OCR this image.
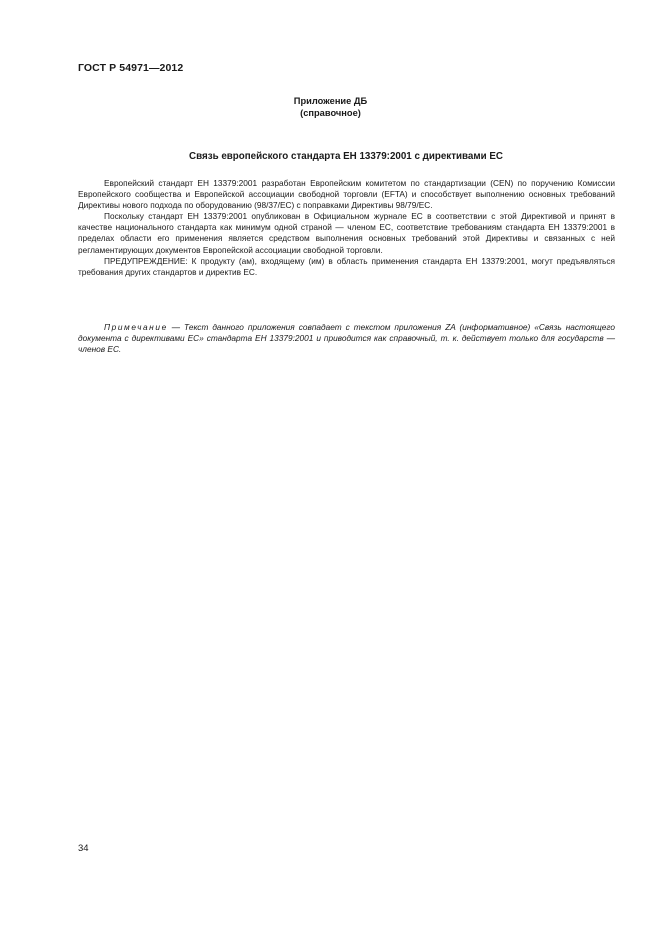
ГОСТ Р 54971—2012
Приложение ДБ
(справочное)
Связь европейского стандарта ЕН 13379:2001 с директивами ЕС

Европейский стандарт ЕН 13379:2001 разработан Европейским комитетом по стандартизации (CEN) по поручению Комиссии Европейского сообщества и Европейской ассоциации свободной торговли (EFTA) и способствует выполнению основных требований Директивы нового подхода по оборудованию (98/37/EC) с поправками Директивы 98/79/EC.

Поскольку стандарт ЕН 13379:2001 опубликован в Официальном журнале ЕС в соответствии с этой Директивой и принят в качестве национального стандарта как минимум одной страной — членом ЕС, соответствие требованиям стандарта ЕН 13379:2001 в пределах области его применения является средством выполнения основных требований этой Директивы и связанных с ней регламентирующих документов Европейской ассоциации свободной торговли.

ПРЕДУПРЕЖДЕНИЕ: К продукту (ам), входящему (им) в область применения стандарта ЕН 13379:2001, могут предъявляться требования других стандартов и директив ЕС.

Примечание — Текст данного приложения совпадает с текстом приложения ZA (информативное) «Связь настоящего документа с директивами ЕС» стандарта ЕН 13379:2001 и приводится как справочный, т. к. действует только для государств — членов ЕС.
34
